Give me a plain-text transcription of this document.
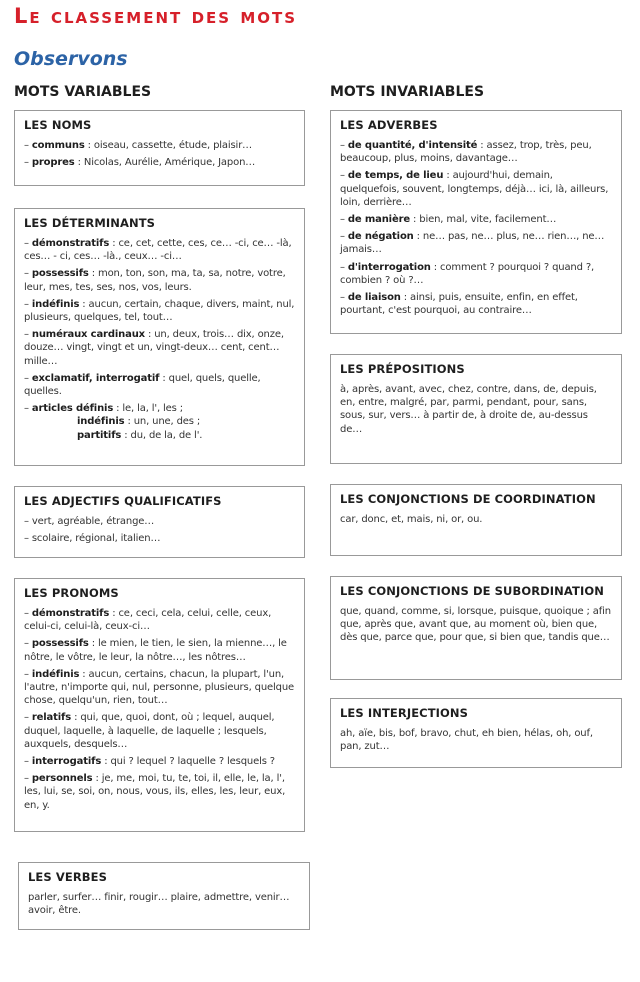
Le classement des mots
Observons
MOTS VARIABLES	MOTS INVARIABLES
LES NOMS

– communs : oiseau, cassette, étude, plaisir…

– propres : Nicolas, Aurélie, Amérique, Japon…

LES DÉTERMINANTS

– démonstratifs : ce, cet, cette, ces, ce… -ci, ce… -là, ces… - ci, ces… -là., ceux… -ci…

– possessifs : mon, ton, son, ma, ta, sa, notre, votre, leur, mes, tes, ses, nos, vos, leurs.

– indéfinis : aucun, certain, chaque, divers, maint, nul, plusieurs, quelques, tel, tout…

– numéraux cardinaux : un, deux, trois… dix, onze, douze… vingt, vingt et un, vingt-deux… cent, cent… mille…

– exclamatif, interrogatif : quel, quels, quelle, quelles.

– articles définis : le, la, l', les ;

indéfinis : un, une, des ;

partitifs : du, de la, de l'.

LES ADJECTIFS QUALIFICATIFS

– vert, agréable, étrange…

– scolaire, régional, italien…

LES PRONOMS

– démonstratifs : ce, ceci, cela, celui, celle, ceux, celui-ci, celui-là, ceux-ci…

– possessifs : le mien, le tien, le sien, la mienne…, le nôtre, le vôtre, le leur, la nôtre…, les nôtres…

– indéfinis : aucun, certains, chacun, la plupart, l'un, l'autre, n'importe qui, nul, personne, plusieurs, quelque chose, quelqu'un, rien, tout…

– relatifs : qui, que, quoi, dont, où ; lequel, auquel, duquel, laquelle, à laquelle, de laquelle ; lesquels, auxquels, desquels…

– interrogatifs : qui ? lequel ? laquelle ? lesquels ?

– personnels : je, me, moi, tu, te, toi, il, elle, le, la, l', les, lui, se, soi, on, nous, vous, ils, elles, les, leur, eux, en, y.

LES VERBES

parler, surfer… finir, rougir… plaire, admettre, venir… avoir, être.

LES ADVERBES

– de quantité, d'intensité : assez, trop, très, peu, beaucoup, plus, moins, davantage…

– de temps, de lieu : aujourd'hui, demain, quelquefois, souvent, longtemps, déjà… ici, là, ailleurs, loin, derrière…

– de manière : bien, mal, vite, facilement…

– de négation : ne… pas, ne… plus, ne… rien…, ne… jamais…

– d'interrogation : comment ? pourquoi ? quand ?, combien ? où ?…

– de liaison : ainsi, puis, ensuite, enfin, en effet, pourtant, c'est pourquoi, au contraire…

LES PRÉPOSITIONS

à, après, avant, avec, chez, contre, dans, de, depuis, en, entre, malgré, par, parmi, pendant, pour, sans, sous, sur, vers… à partir de, à droite de, au-dessus de…

LES CONJONCTIONS DE COORDINATION

car, donc, et, mais, ni, or, ou.

LES CONJONCTIONS DE SUBORDINATION

que, quand, comme, si, lorsque, puisque, quoique ; afin que, après que, avant que, au moment où, bien que, dès que, parce que, pour que, si bien que, tandis que…

LES INTERJECTIONS

ah, aïe, bis, bof, bravo, chut, eh bien, hélas, oh, ouf, pan, zut…
